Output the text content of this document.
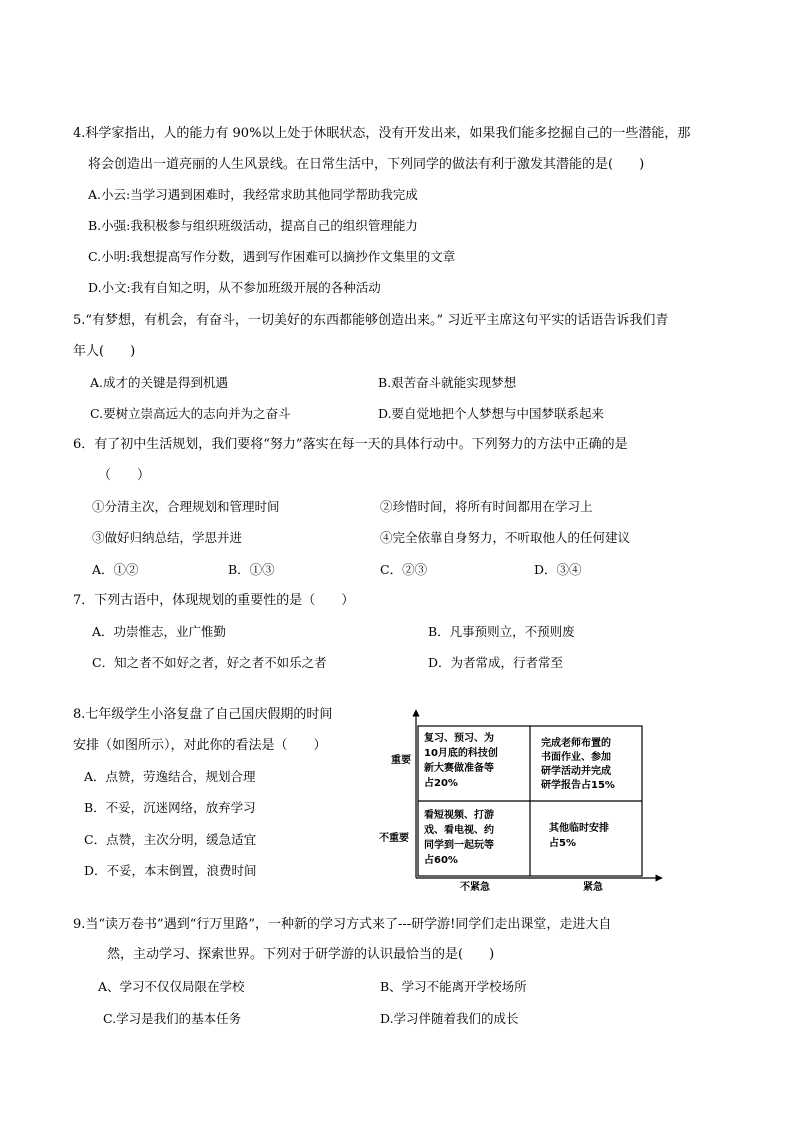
4.科学家指出，人的能力有 90%以上处于休眠状态，没有开发出来，如果我们能多挖掘自己的一些潜能，那
将会创造出一道亮丽的人生风景线。在日常生活中，下列同学的做法有利于激发其潜能的是(　　)
A.小云:当学习遇到困难时，我经常求助其他同学帮助我完成
B.小强:我积极参与组织班级活动，提高自己的组织管理能力
C.小明:我想提高写作分数，遇到写作困难可以摘抄作文集里的文章
D.小文:我有自知之明，从不参加班级开展的各种活动
5.“有梦想，有机会，有奋斗，一切美好的东西都能够创造出来。” 习近平主席这句平实的话语告诉我们青
年人(　　)
A.成才的关键是得到机遇	B.艰苦奋斗就能实现梦想
C.要树立崇高远大的志向并为之奋斗	D.要自觉地把个人梦想与中国梦联系起来
6．有了初中生活规划，我们要将“努力”落实在每一天的具体行动中。下列努力的方法中正确的是
（　　）
①分清主次，合理规划和管理时间	②珍惜时间，将所有时间都用在学习上
③做好归纳总结，学思并进	④完全依靠自身努力，不听取他人的任何建议
A．①②	B．①③	C．②③	D．③④
7．下列古语中，体现规划的重要性的是（　　）
A．功崇惟志，业广惟勤	B．凡事预则立，不预则废
C．知之者不如好之者，好之者不如乐之者	D．为者常成，行者常至
8.七年级学生小洛复盘了自己国庆假期的时间
安排（如图所示），对此你的看法是（　　）
A．点赞，劳逸结合，规划合理
B．不妥，沉迷网络，放弃学习
C．点赞，主次分明，缓急适宜
D．不妥，本末倒置，浪费时间
重要
不重要
不紧急	紧急
复习、预习、为
10月底的科技创
新大赛做准备等
占20%
完成老师布置的
书面作业、参加
研学活动并完成
研学报告占15%
看短视频、打游
戏、看电视、约
同学到一起玩等
占60%
其他临时安排
占5%
9.当“读万卷书”遇到“行万里路”，一种新的学习方式来了---研学游!同学们走出课堂，走进大自
然，主动学习、探索世界。下列对于研学游的认识最恰当的是(　　)
A、学习不仅仅局限在学校	B、学习不能离开学校场所
C.学习是我们的基本任务	D.学习伴随着我们的成长
